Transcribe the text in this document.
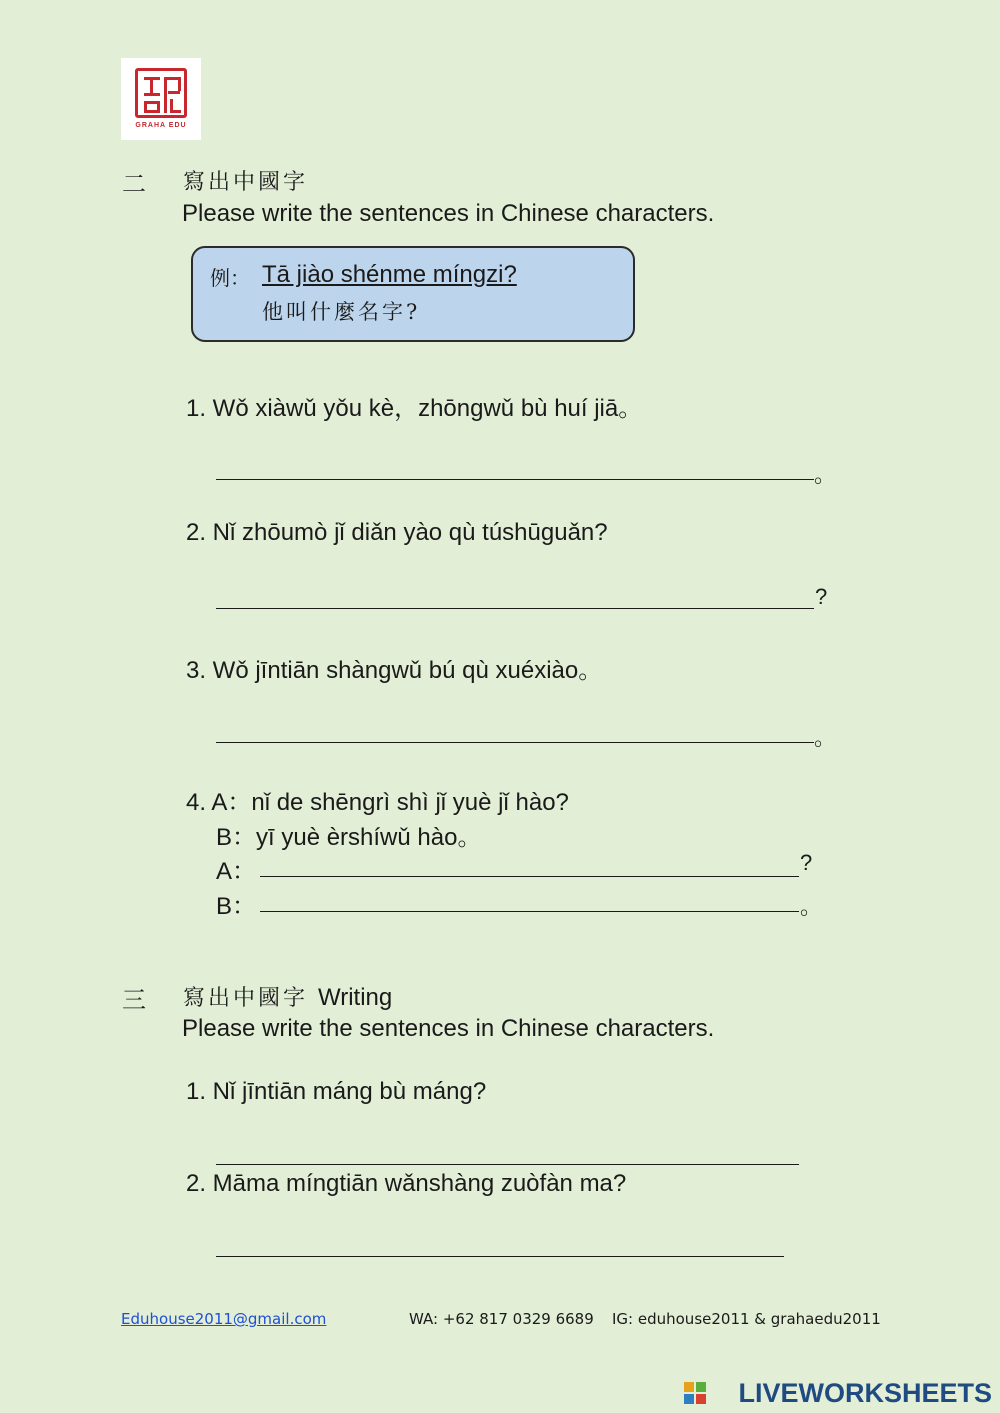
GRAHA EDU
二 寫出中國字
Please write the sentences in Chinese characters.
例： Tā jiào shénme míngzi?
他叫什麼名字?
1. Wǒ xiàwǔ yǒu kè，zhōngwǔ bù huí jiā。
。
2. Nǐ zhōumò jǐ diǎn yào qù túshūguǎn?
?
3. Wǒ jīntiān shàngwǔ bú qù xuéxiào。
。
4. A：nǐ de shēngrì shì jǐ yuè jǐ hào?
B：yī yuè èrshíwǔ hào。
A：	?
B：	。
三 寫出中國字 Writing
Please write the sentences in Chinese characters.
1. Nǐ jīntiān máng bù máng?
2. Māma míngtiān wǎnshàng zuòfàn ma?
Eduhouse2011@gmail.com	WA: +62 817 0329 6689 IG: eduhouse2011 & grahaedu2011
LIVEWORKSHEETS
